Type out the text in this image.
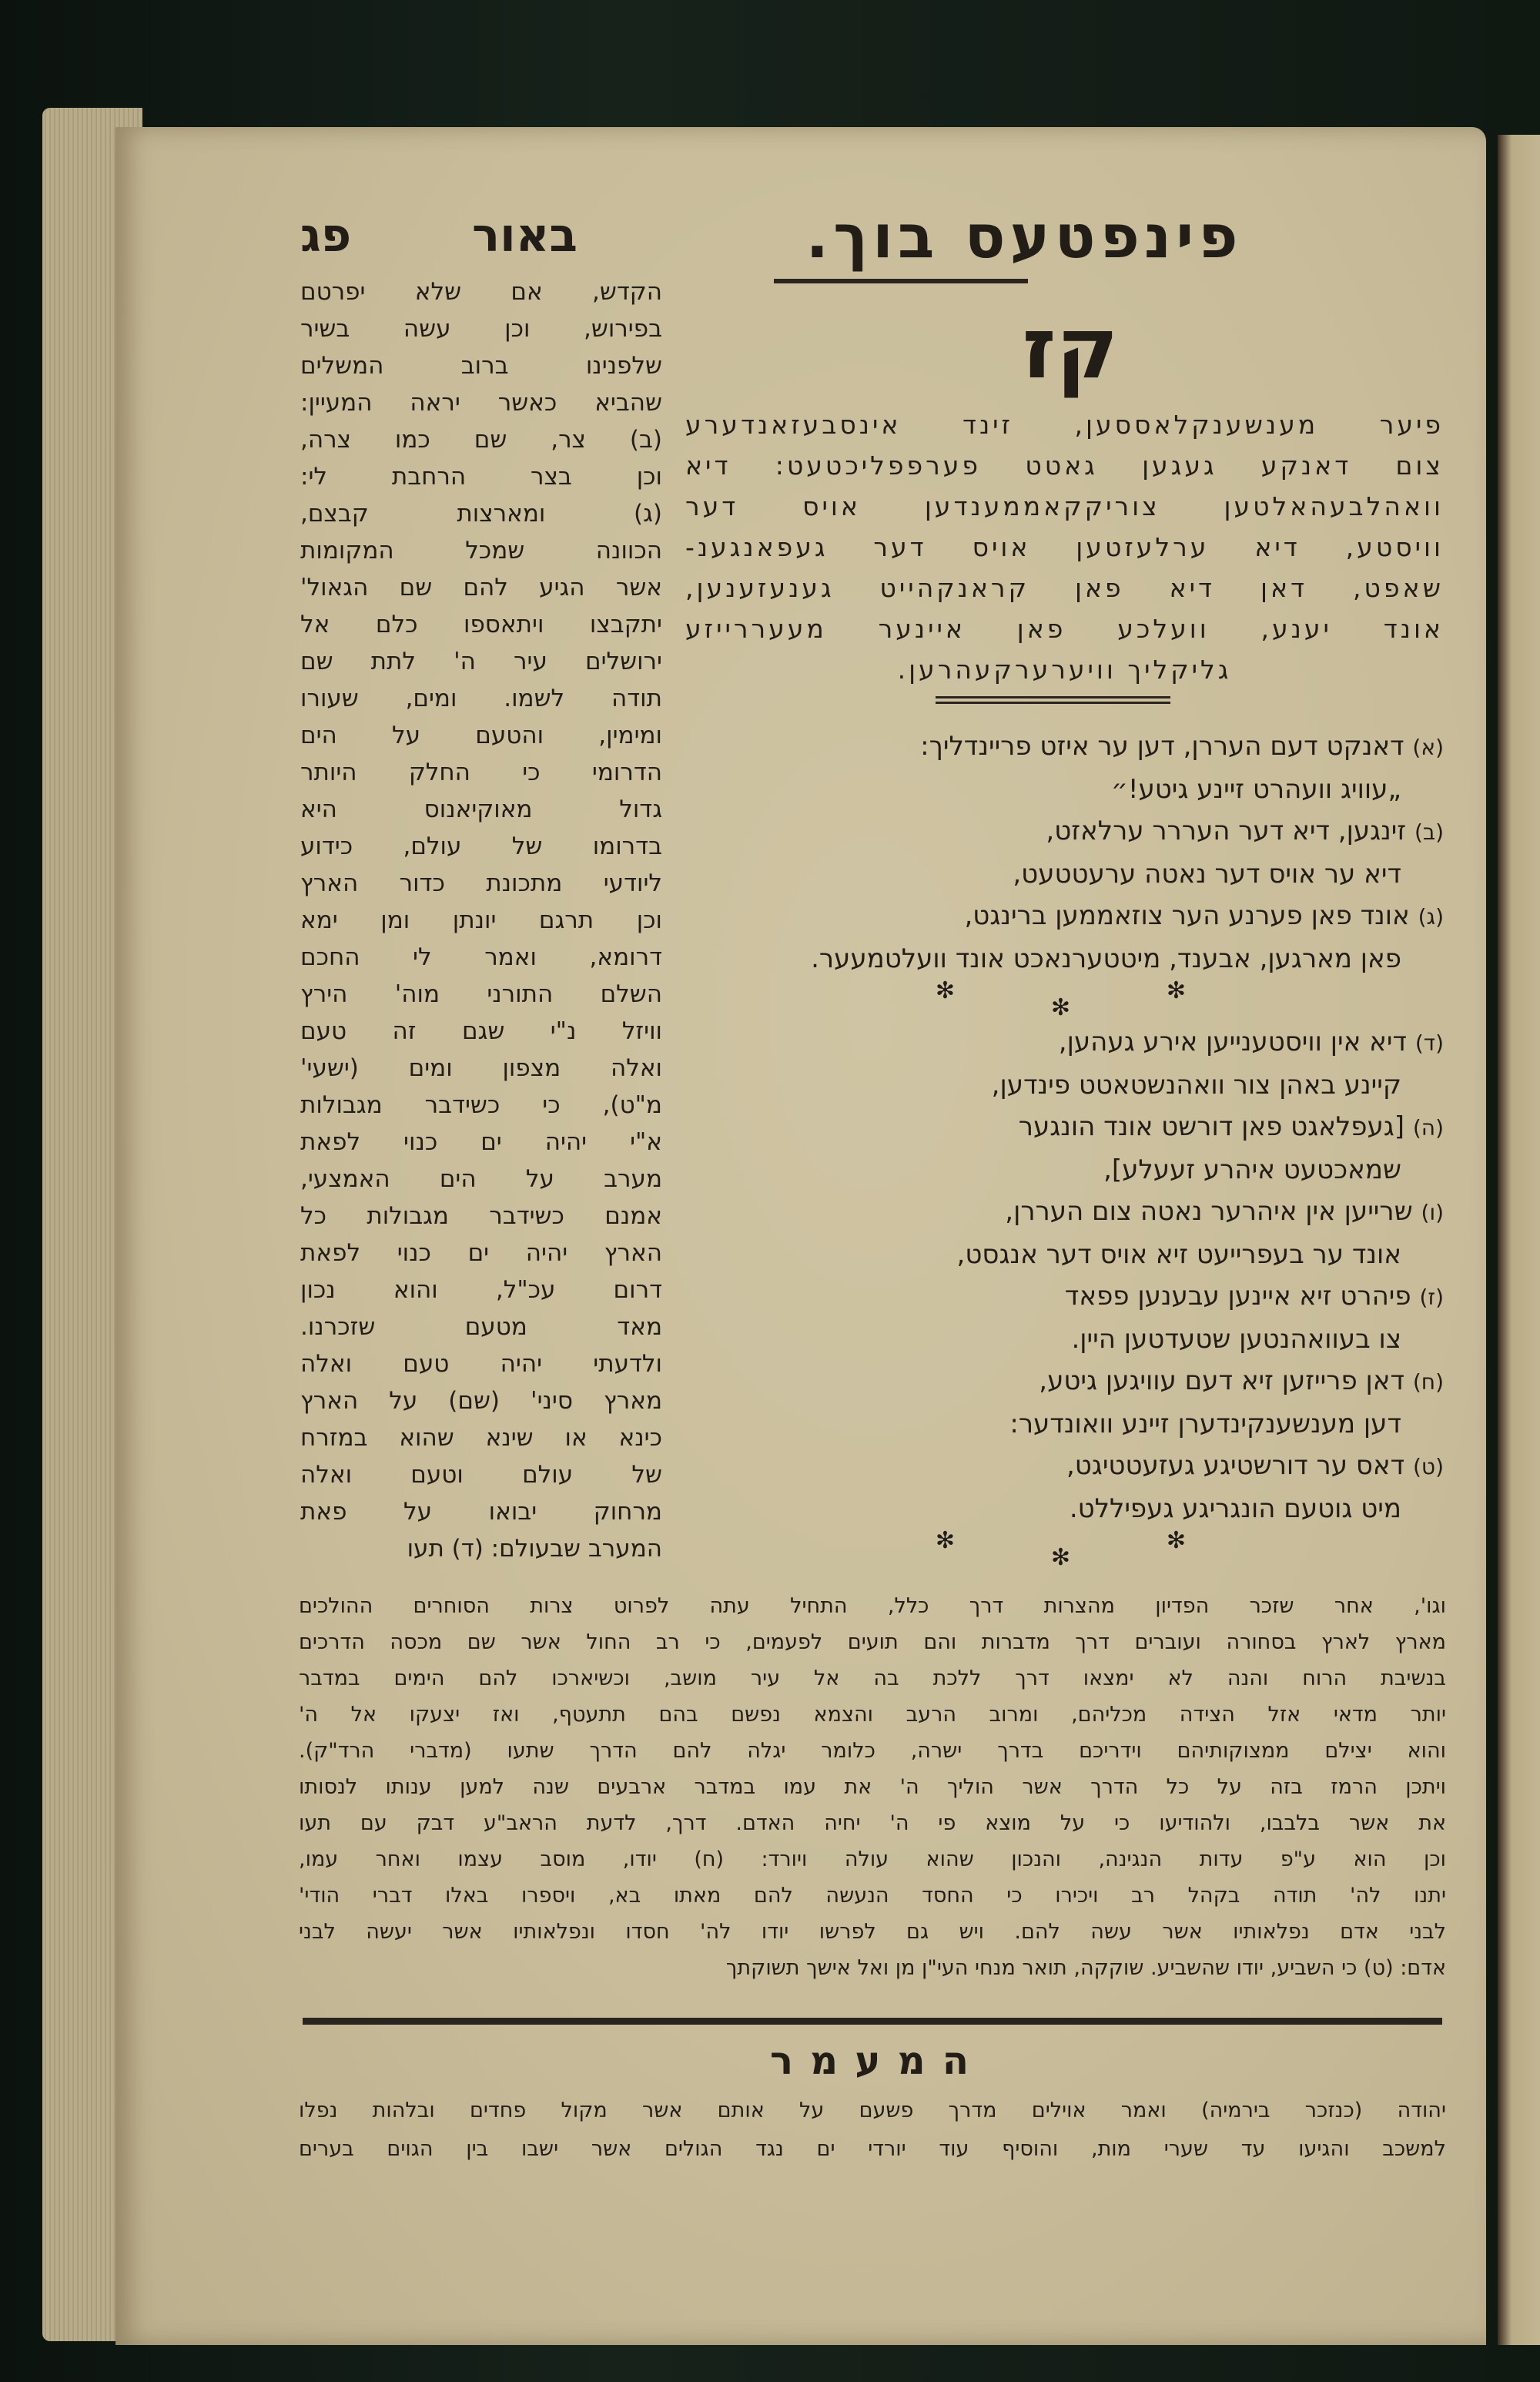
פינפטעס בוך.
באור
פג
קז
פיער מענשענקלאססען, זינד אינסבעזאנדערע
צום דאנקע געגען גאטט פערפפליכטעט: דיא
וואהלבעהאלטען צוריקקאממענדען אויס דער
וויסטע, דיא ערלעזטען אויס דער געפאנגענ-
שאפט, דאן דיא פאן קראנקהייט גענעזענען,
אונד יענע, וועלכע פאן איינער מעעררייזע
גליקליך וויערערקעהרען.
(א) דאנקט דעם העררן, דען ער איזט פריינדליך:
„עוויג וועהרט זיינע גיטע!״
(ב) זינגען, דיא דער העררר ערלאזט,
דיא ער אויס דער נאטה ערעטטעט,
(ג) אונד פאן פערנע הער צוזאממען ברינגט,
פאן מארגען, אבענד, מיטטערנאכט אונד וועלטמעער.
✻
✻
✻
(ד) דיא אין וויסטענייען אירע געהען,
קיינע באהן צור וואהנשטאטט פינדען,
(ה) [געפלאגט פאן דורשט אונד הונגער
שמאכטעט איהרע זעעלע],
(ו) שרייען אין איהרער נאטה צום העררן,
אונד ער בעפרייעט זיא אויס דער אנגסט,
(ז) פיהרט זיא איינען עבענען פפאד
צו בעוואהנטען שטעדטען היין.
(ח) דאן פרייזען זיא דעם עוויגען גיטע,
דען מענשענקינדערן זיינע וואונדער:
(ט) דאס ער דורשטיגע געזעטטיגט,
מיט גוטעם הונגריגע געפיללט.
✻
✻
✻
הקדש, אם שלא יפרטם
בפירוש, וכן עשה בשיר
שלפנינו ברוב המשלים
שהביא כאשר יראה המעיין:
(ב) צר, שם כמו צרה,
וכן בצר הרחבת לי:
(ג) ומארצות קבצם,
הכוונה שמכל המקומות
אשר הגיע להם שם הגאול'
יתקבצו ויתאספו כלם אל
ירושלים עיר ה' לתת שם
תודה לשמו. ומים, שעורו
ומימין, והטעם על הים
הדרומי כי החלק היותר
גדול מאוקיאנוס היא
בדרומו של עולם, כידוע
ליודעי מתכונת כדור הארץ
וכן תרגם יונתן ומן ימא
דרומא, ואמר לי החכם
השלם התורני מוה' הירץ
וויזל נ"י שגם זה טעם
ואלה מצפון ומים (ישעי'
מ"ט), כי כשידבר מגבולות
א"י יהיה ים כנוי לפאת
מערב על הים האמצעי,
אמנם כשידבר מגבולות כל
הארץ יהיה ים כנוי לפאת
דרום עכ"ל, והוא נכון
מאד מטעם שזכרנו.
ולדעתי יהיה טעם ואלה
מארץ סיני' (שם) על הארץ
כינא או שינא שהוא במזרח
של עולם וטעם ואלה
מרחוק יבואו על פאת
המערב שבעולם: (ד) תעו
וגו', אחר שזכר הפדיון מהצרות דרך כלל, התחיל עתה לפרוט צרות הסוחרים ההולכים
מארץ לארץ בסחורה ועוברים דרך מדברות והם תועים לפעמים, כי רב החול אשר שם מכסה הדרכים
בנשיבת הרוח והנה לא ימצאו דרך ללכת בה אל עיר מושב, וכשיארכו להם הימים במדבר
יותר מדאי אזל הצידה מכליהם, ומרוב הרעב והצמא נפשם בהם תתעטף, ואז יצעקו אל ה'
והוא יצילם ממצוקותיהם וידריכם בדרך ישרה, כלומר יגלה להם הדרך שתעו (מדברי הרד"ק).
ויתכן הרמז בזה על כל הדרך אשר הוליך ה' את עמו במדבר ארבעים שנה למען ענותו לנסותו
את אשר בלבבו, ולהודיעו כי על מוצא פי ה' יחיה האדם. דרך, לדעת הראב"ע דבק עם תעו
וכן הוא ע"פ עדות הנגינה, והנכון שהוא עולה ויורד: (ח) יודו, מוסב עצמו ואחר עמו,
יתנו לה' תודה בקהל רב ויכירו כי החסד הנעשה להם מאתו בא, ויספרו באלו דברי הודי'
לבני אדם נפלאותיו אשר עשה להם. ויש גם לפרשו יודו לה' חסדו ונפלאותיו אשר יעשה לבני
אדם: (ט) כי השביע, יודו שהשביע. שוקקה, תואר מנחי העי"ן מן ואל אישך תשוקתך
המעמר
יהודה (כנזכר בירמיה) ואמר אוילים מדרך פשעם על אותם אשר מקול פחדים ובלהות נפלו
למשכב והגיעו עד שערי מות, והוסיף עוד יורדי ים נגד הגולים אשר ישבו בין הגוים בערים
